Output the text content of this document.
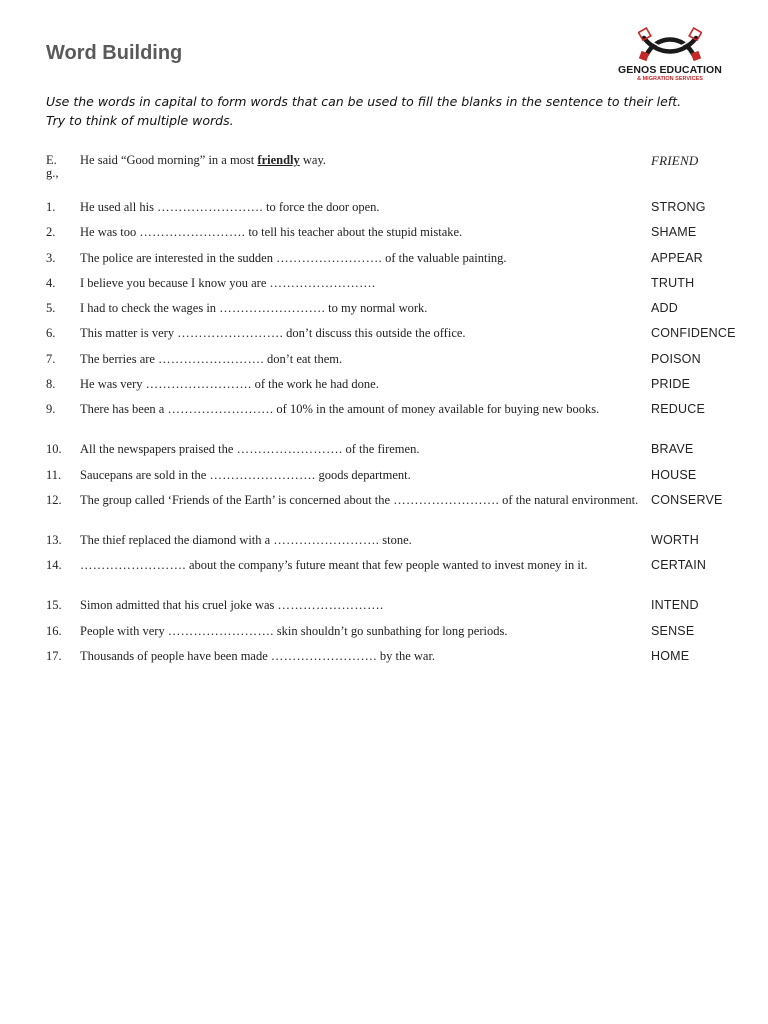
Word Building
GENOS EDUCATION
& MIGRATION SERVICES

Use the words in capital to form words that can be used to fill the blanks in the sentence to their left.

Try to think of multiple words.

E.
g.,
He said “Good morning” in a most friendly way.	FRIEND
1.	He used all his ……………………. to force the door open.	STRONG
2.	He was too ……………………. to tell his teacher about the stupid mistake.	SHAME
3.	The police are interested in the sudden ……………………. of the valuable painting.	APPEAR
4.	I believe you because I know you are …………………….	TRUTH
5.	I had to check the wages in ……………………. to my normal work.	ADD
6.	This matter is very ……………………. don’t discuss this outside the office.	CONFIDENCE
7.	The berries are ……………………. don’t eat them.	POISON
8.	He was very ……………………. of the work he had done.	PRIDE
9.	There has been a ……………………. of 10% in the amount of money available for buying new books.	REDUCE
10.	All the newspapers praised the ……………………. of the firemen.	BRAVE
11.	Saucepans are sold in the ……………………. goods department.	HOUSE
12.	The group called ‘Friends of the Earth’ is concerned about the ……………………. of the natural environment.	CONSERVE
13.	The thief replaced the diamond with a ……………………. stone.	WORTH
14.	……………………. about the company’s future meant that few people wanted to invest money in it.	CERTAIN
15.	Simon admitted that his cruel joke was …………………….	INTEND
16.	People with very ……………………. skin shouldn’t go sunbathing for long periods.	SENSE
17.	Thousands of people have been made ……………………. by the war.	HOME
